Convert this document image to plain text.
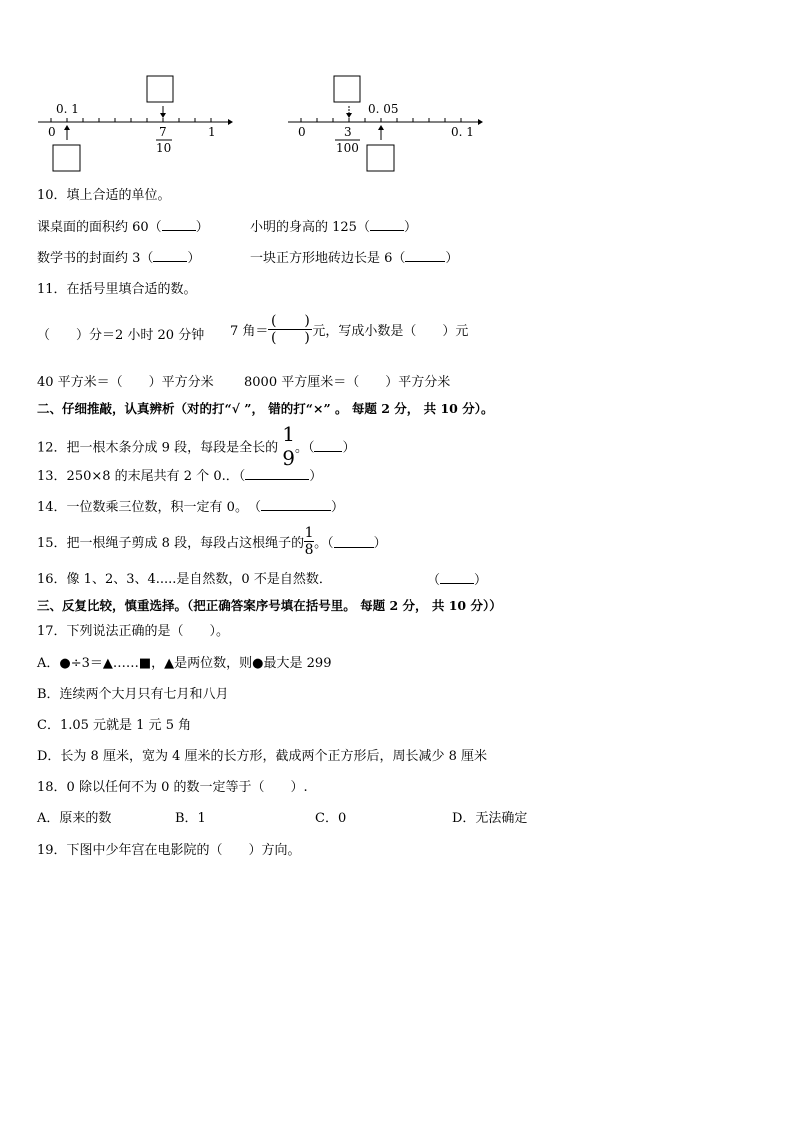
0. 1
0	1
7
10
0. 05
0	0. 1
3
100
10．填上合适的单位。
课桌面的面积约 60（	）	小明的身高的 125（	）
数学书的封面约 3（	）	一块正方形地砖边长是 6（	）
11．在括号里填合适的数。
（　　）分＝2 小时 20 分钟 7 角＝ $\frac{( )}{( )}$ 元，写成小数是（　　）元
40 平方米＝（　　）平方分米 8000 平方厘米＝（　　）平方分米
二、仔细推敲，认真辨析（对的打“√ ”， 错的打“×” 。 每题 2 分， 共 10 分）。
12．把一根木条分成 9 段，每段是全长的
1
9 。（ ）
13．250×8 的末尾共有 2 个 0.．（	）
14．一位数乘三位数，积一定有 0。　（	）
15．把一根绳子剪成 8 段，每段占这根绳子的 $\frac{1}{8}$ 。（	）
16．像 1、2、3、4.....是自然数，0 不是自然数．	（	）
三、反复比较，慎重选择。（把正确答案序号填在括号里。 每题 2 分， 共 10 分））
17．下列说法正确的是（　　）。
A．●÷3＝▲……■，▲是两位数，则●最大是 299
B．连续两个大月只有七月和八月
C．1.05 元就是 1 元 5 角
D．长为 8 厘米，宽为 4 厘米的长方形，截成两个正方形后，周长减少 8 厘米
18．0 除以任何不为 0 的数一定等于（　　）.
A．原来的数	B．1	C．0	D．无法确定
19．下图中少年宫在电影院的（　　）方向。
